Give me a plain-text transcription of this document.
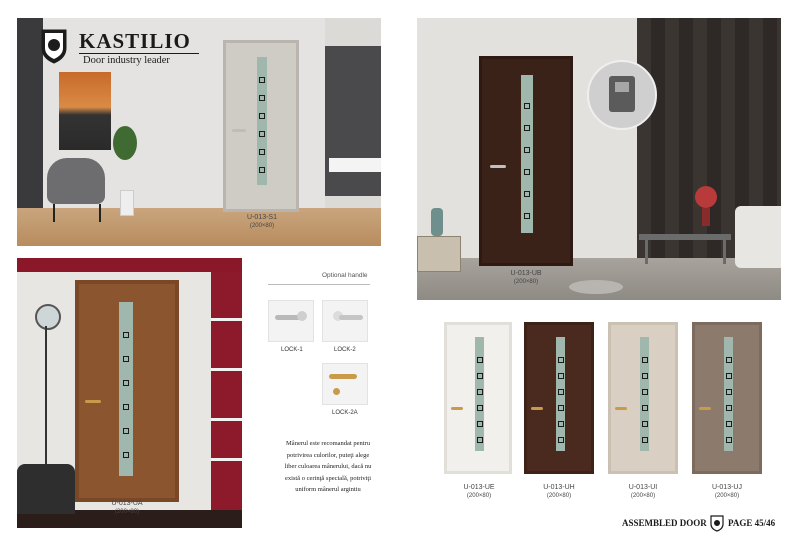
KASTILIO
Door industry leader
U-013-S1
(200×80)
U-013-UB
(200×80)
U-013-UA
(200×80)
Optional handle
LOCK-1	LOCK-2
LOCK-2A
Mânerul este recomandat pentru
potrivirea culorilor, puteţi alege
liber culoarea mânerului, dacă nu
există o cerinţă specială, potriviţi
uniform mânerul argintiu	U-013-UE
(200×80)
U-013-UH
(200×80)
U-013-UI
(200×80)
U-013-UJ
(200×80)
ASSEMBLED DOOR PAGE 45/46
